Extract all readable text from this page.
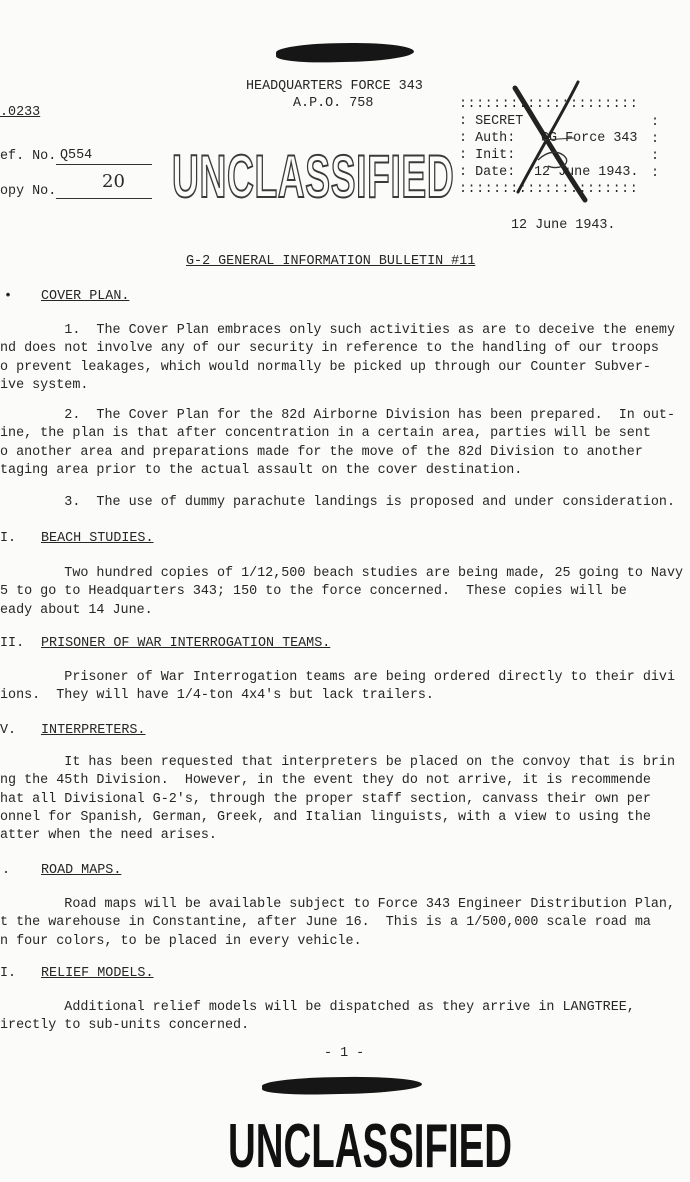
HEADQUARTERS FORCE 343
A.P.O. 758
.0233
ef. No. Q554
opy No.	20 UNCLASSIFIED
:::::::::::::::::::::
: SECRET
: Auth: CG Force 343
: Init:
: Date: 12 June 1943.
:::::::::::::::::::::
:
:
:
:
12 June 1943.
G-2 GENERAL INFORMATION BULLETIN #11
• COVER PLAN.
1.  The Cover Plan embraces only such activities as are to deceive the enemy
nd does not involve any of our security in reference to the handling of our troops
o prevent leakages, which would normally be picked up through our Counter Subver-
ive system.
2.  The Cover Plan for the 82d Airborne Division has been prepared.  In out-
ine, the plan is that after concentration in a certain area, parties will be sent
o another area and preparations made for the move of the 82d Division to another
taging area prior to the actual assault on the cover destination.
3.  The use of dummy parachute landings is proposed and under consideration.
I. BEACH STUDIES.
Two hundred copies of 1/12,500 beach studies are being made, 25 going to Navy
5 to go to Headquarters 343; 150 to the force concerned.  These copies will be
eady about 14 June.
II. PRISONER OF WAR INTERROGATION TEAMS.
Prisoner of War Interrogation teams are being ordered directly to their divi
ions.  They will have 1/4-ton 4x4's but lack trailers.
V. INTERPRETERS.
It has been requested that interpreters be placed on the convoy that is brin
ng the 45th Division.  However, in the event they do not arrive, it is recommende
hat all Divisional G-2's, through the proper staff section, canvass their own per
onnel for Spanish, German, Greek, and Italian linguists, with a view to using the
atter when the need arises.
. ROAD MAPS.
Road maps will be available subject to Force 343 Engineer Distribution Plan,
t the warehouse in Constantine, after June 16.  This is a 1/500,000 scale road ma
n four colors, to be placed in every vehicle.
I. RELIEF MODELS.
Additional relief models will be dispatched as they arrive in LANGTREE,
irectly to sub-units concerned.
- 1 -
UNCLASSIFIED
